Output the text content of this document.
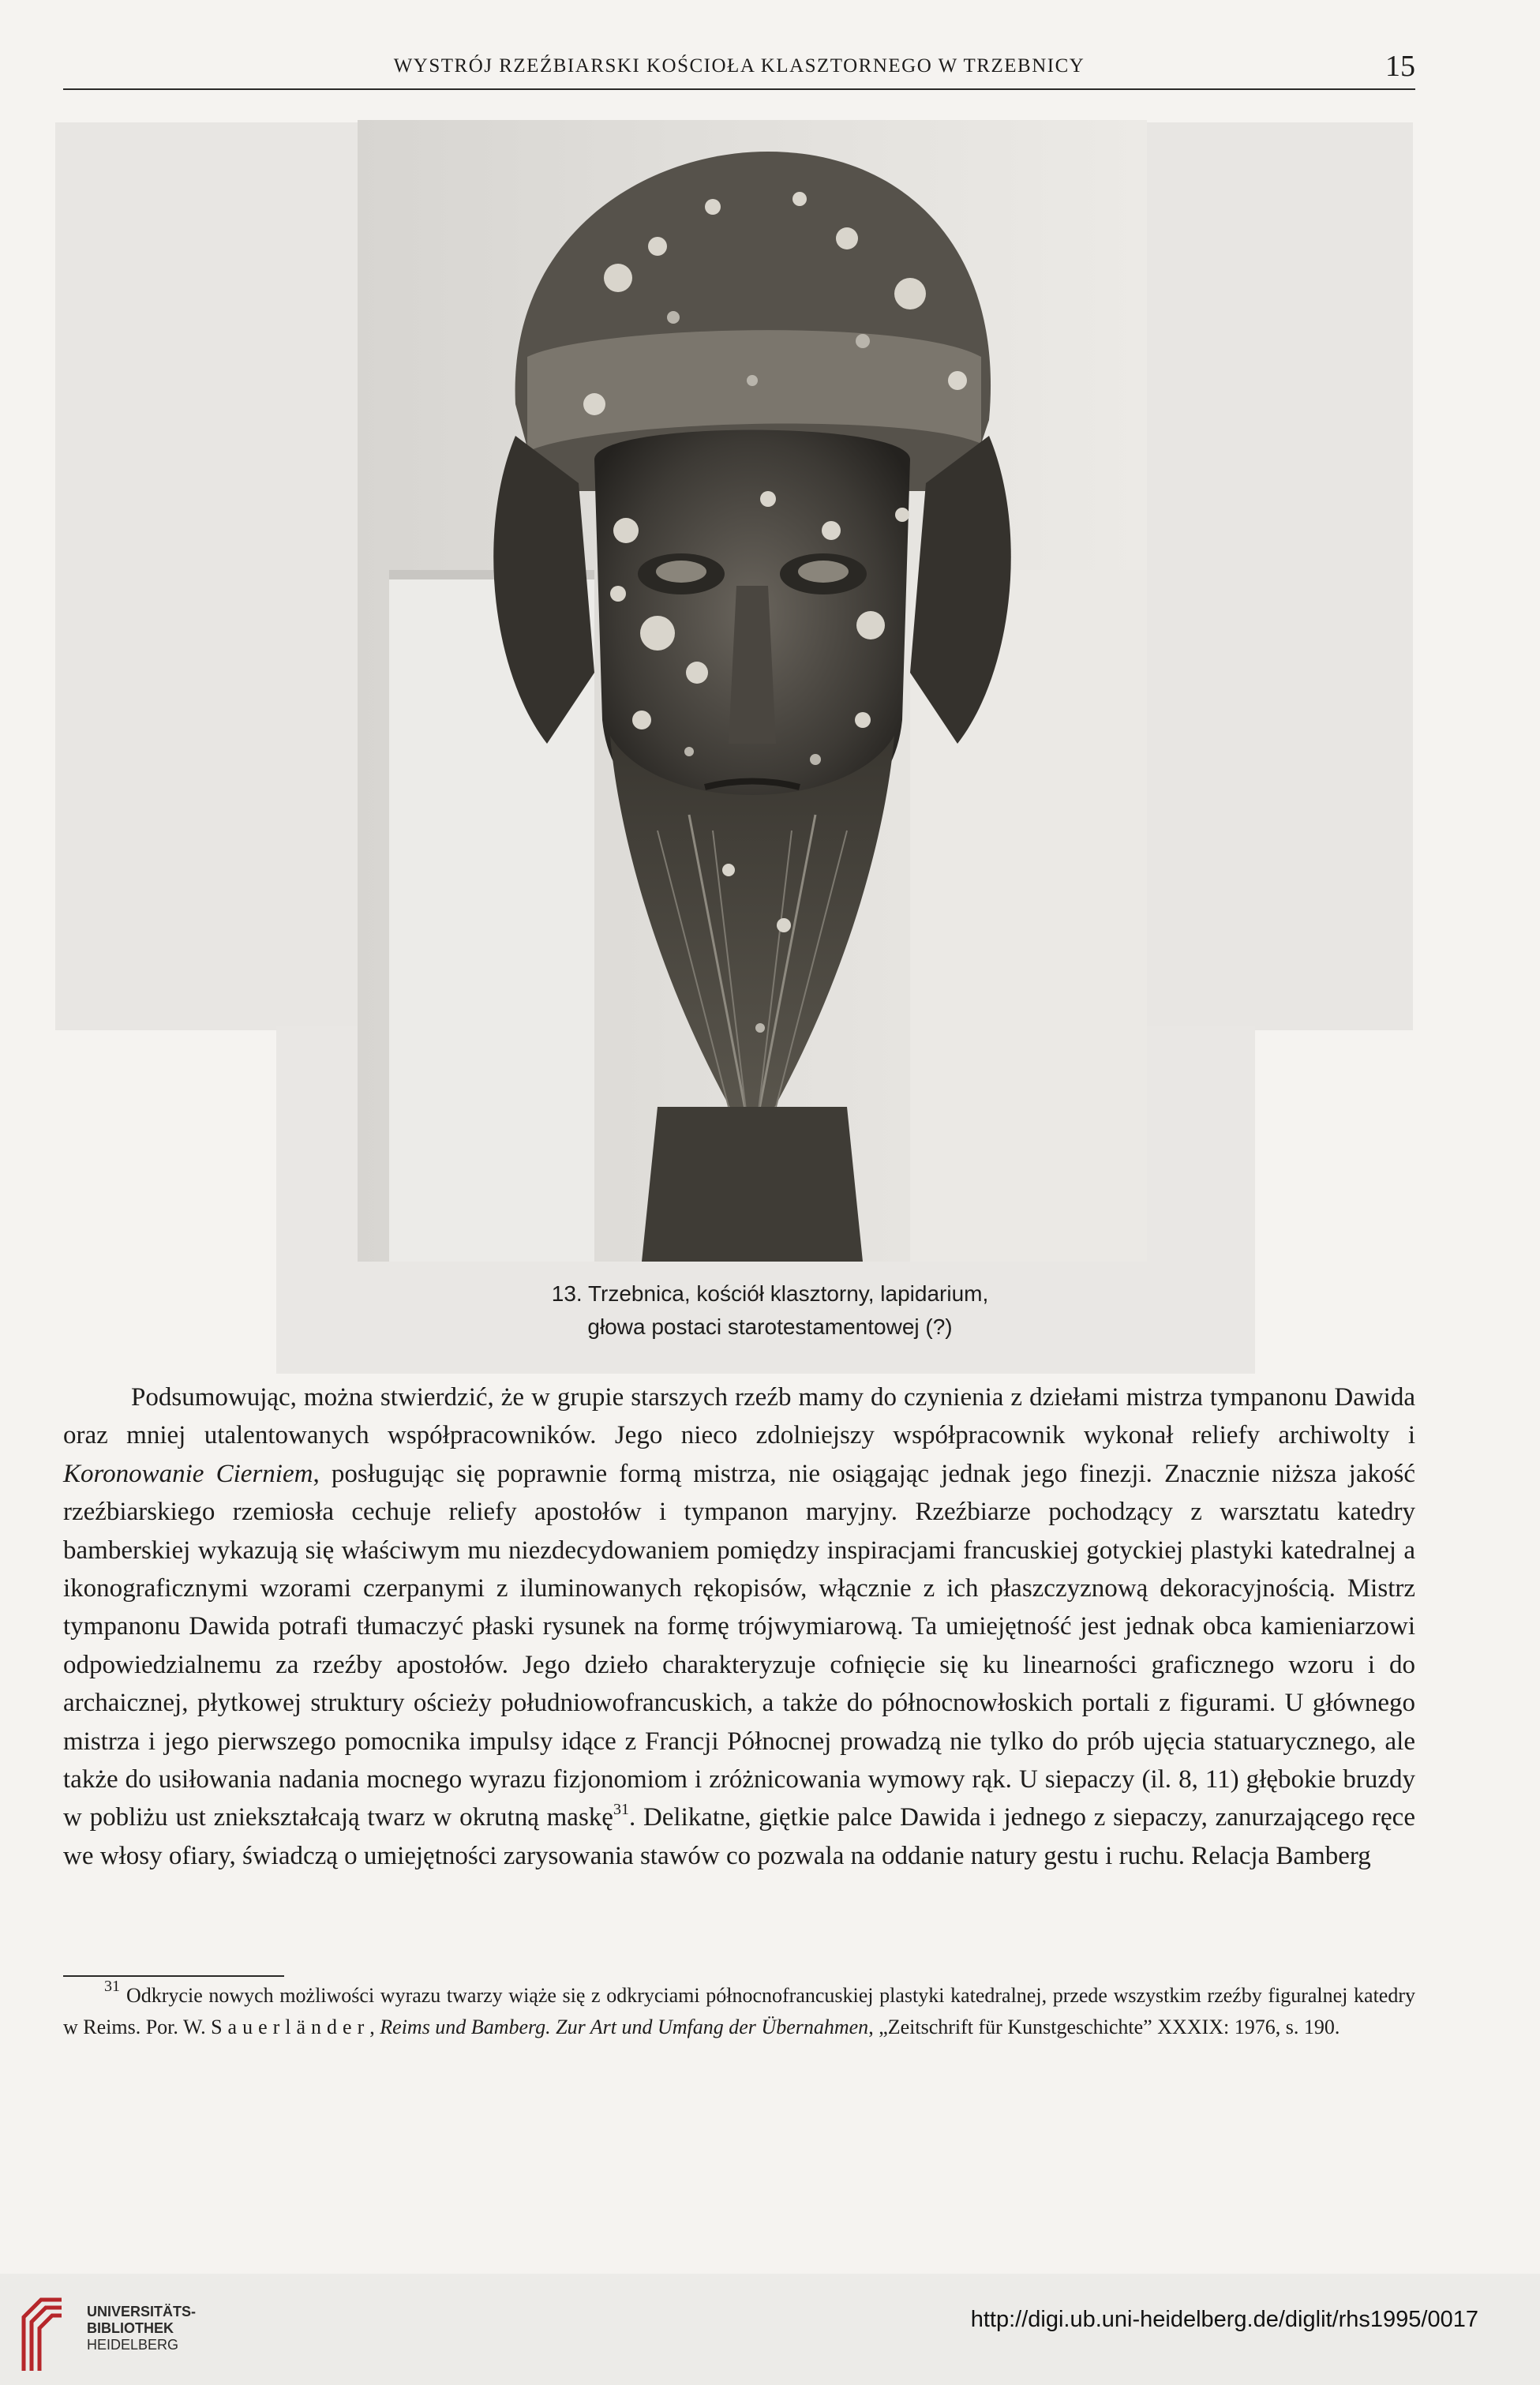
WYSTRÓJ RZEŹBIARSKI KOŚCIOŁA KLASZTORNEGO W TRZEBNICY	15
13. Trzebnica, kościół klasztorny, lapidarium,
głowa postaci starotestamentowej (?)

Podsumowując, można stwierdzić, że w grupie starszych rzeźb mamy do czynienia z dziełami mistrza tympanonu Dawida oraz mniej utalentowanych współpracowników. Jego nieco zdolniejszy współpracownik wykonał reliefy archiwolty i Koronowanie Cierniem, posługując się poprawnie formą mistrza, nie osiągając jednak jego finezji. Znacznie niższa jakość rzeźbiarskiego rzemiosła cechuje reliefy apostołów i tympanon maryjny. Rzeźbiarze pochodzący z warsztatu katedry bamberskiej wykazują się właściwym mu niezdecydowaniem pomiędzy inspiracjami francuskiej gotyckiej plastyki katedralnej a ikonograficznymi wzorami czerpanymi z iluminowanych rękopisów, włącznie z ich płaszczyznową dekoracyjnością. Mistrz tympanonu Dawida potrafi tłumaczyć płaski rysunek na formę trójwymiarową. Ta umiejętność jest jednak obca kamieniarzowi odpowiedzialnemu za rzeźby apostołów. Jego dzieło charakteryzuje cofnięcie się ku linearności graficznego wzoru i do archaicznej, płytkowej struktury ościeży południowofrancuskich, a także do północnowłoskich portali z figurami. U głównego mistrza i jego pierwszego pomocnika impulsy idące z Francji Północnej prowadzą nie tylko do prób ujęcia statuarycznego, ale także do usiłowania nadania mocnego wyrazu fizjonomiom i zróżnicowania wymowy rąk. U siepaczy (il. 8, 11) głębokie bruzdy w pobliżu ust zniekształcają twarz w okrutną maskę$^{31}$. Delikatne, giętkie palce Dawida i jednego z siepaczy, zanurzającego ręce we włosy ofiary, świadczą o umiejętności zarysowania stawów co pozwala na oddanie natury gestu i ruchu. Relacja Bamberg

$^{31}$ Odkrycie nowych możliwości wyrazu twarzy wiąże się z odkryciami północnofrancuskiej plastyki katedralnej, przede wszystkim rzeźby figuralnej katedry w Reims. Por. W. Sauerländer, Reims und Bamberg. Zur Art und Umfang der Übernahmen, „Zeitschrift für Kunstgeschichte” XXXIX: 1976, s. 190.
UNIVERSITÄTS-
BIBLIOTHEK
HEIDELBERG
http://digi.ub.uni-heidelberg.de/diglit/rhs1995/0017
